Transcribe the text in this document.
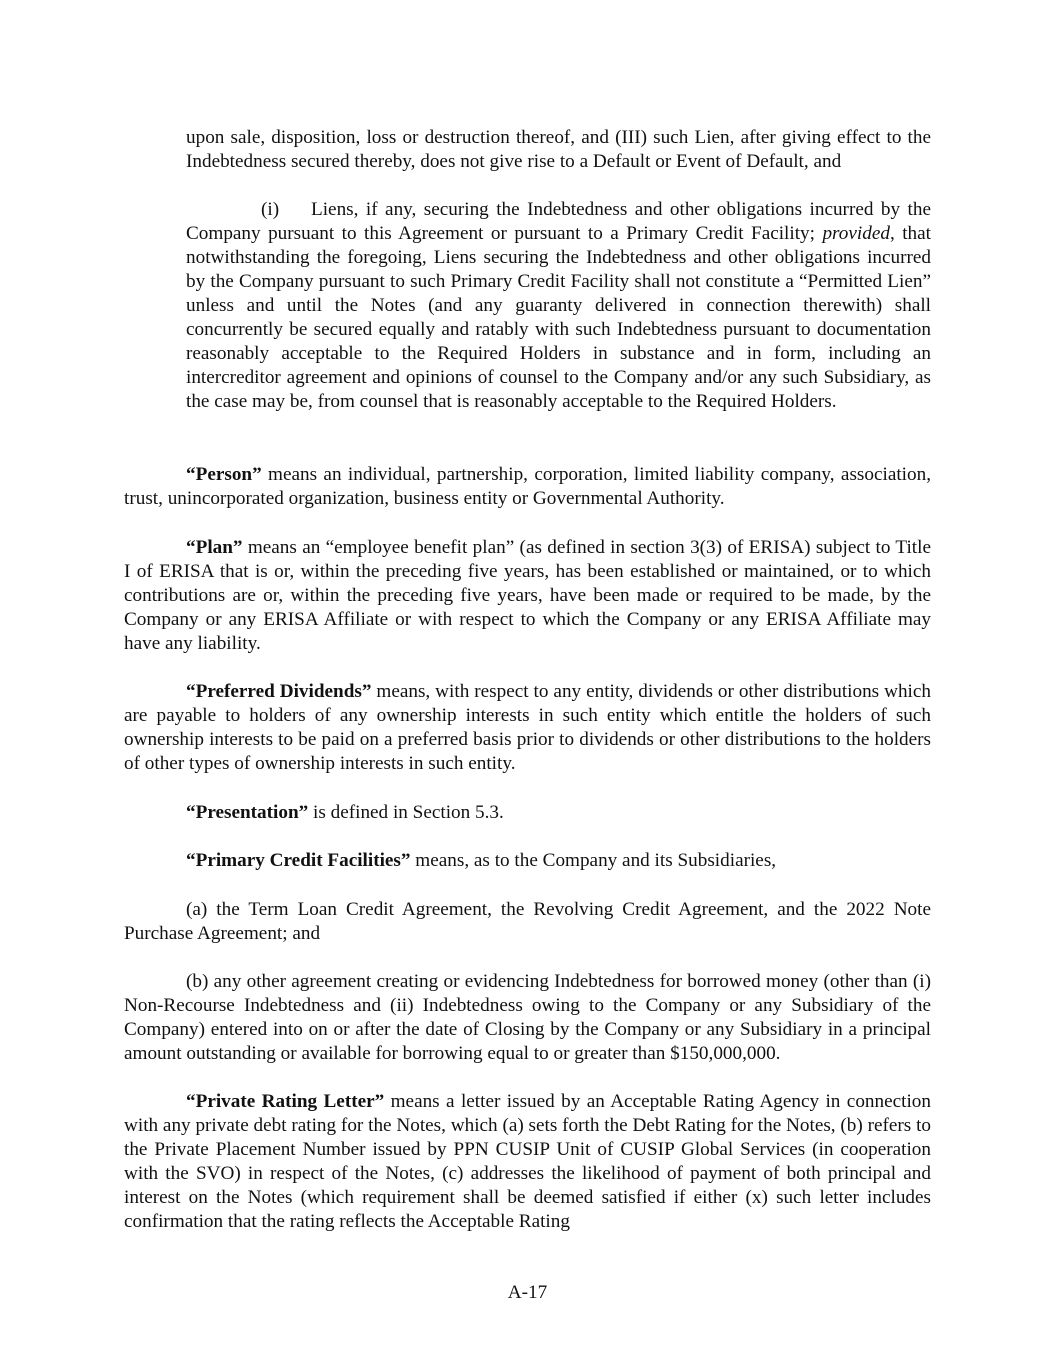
upon sale, disposition, loss or destruction thereof, and (III) such Lien, after giving effect to the Indebtedness secured thereby, does not give rise to a Default or Event of Default, and

(i) Liens, if any, securing the Indebtedness and other obligations incurred by the Company pursuant to this Agreement or pursuant to a Primary Credit Facility; provided, that notwithstanding the foregoing, Liens securing the Indebtedness and other obligations incurred by the Company pursuant to such Primary Credit Facility shall not constitute a “Permitted Lien” unless and until the Notes (and any guaranty delivered in connection therewith) shall concurrently be secured equally and ratably with such Indebtedness pursuant to documentation reasonably acceptable to the Required Holders in substance and in form, including an intercreditor agreement and opinions of counsel to the Company and/or any such Subsidiary, as the case may be, from counsel that is reasonably acceptable to the Required Holders.

“Person” means an individual, partnership, corporation, limited liability company, association, trust, unincorporated organization, business entity or Governmental Authority.

“Plan” means an “employee benefit plan” (as defined in section 3(3) of ERISA) subject to Title I of ERISA that is or, within the preceding five years, has been established or maintained, or to which contributions are or, within the preceding five years, have been made or required to be made, by the Company or any ERISA Affiliate or with respect to which the Company or any ERISA Affiliate may have any liability.

“Preferred Dividends” means, with respect to any entity, dividends or other distributions which are payable to holders of any ownership interests in such entity which entitle the holders of such ownership interests to be paid on a preferred basis prior to dividends or other distributions to the holders of other types of ownership interests in such entity.

“Presentation” is defined in Section 5.3.

“Primary Credit Facilities” means, as to the Company and its Subsidiaries,

(a) the Term Loan Credit Agreement, the Revolving Credit Agreement, and the 2022 Note Purchase Agreement; and

(b) any other agreement creating or evidencing Indebtedness for borrowed money (other than (i) Non-Recourse Indebtedness and (ii) Indebtedness owing to the Company or any Subsidiary of the Company) entered into on or after the date of Closing by the Company or any Subsidiary in a principal amount outstanding or available for borrowing equal to or greater than $150,000,000.

“Private Rating Letter” means a letter issued by an Acceptable Rating Agency in connection with any private debt rating for the Notes, which (a) sets forth the Debt Rating for the Notes, (b) refers to the Private Placement Number issued by PPN CUSIP Unit of CUSIP Global Services (in cooperation with the SVO) in respect of the Notes, (c) addresses the likelihood of payment of both principal and interest on the Notes (which requirement shall be deemed satisfied if either (x) such letter includes confirmation that the rating reflects the Acceptable Rating

A-17
